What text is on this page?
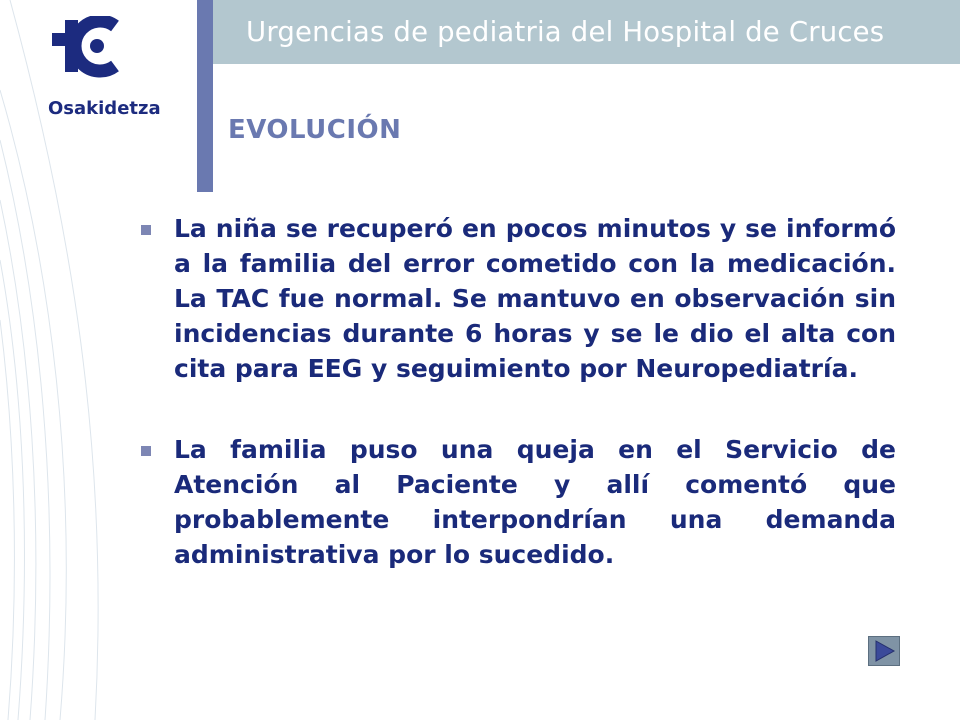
Urgencias de pediatria del Hospital de Cruces
Osakidetza
EVOLUCIÓN
La niña se recuperó en pocos minutos y se informó a la familia del error cometido con la medicación. La TAC fue normal. Se mantuvo en observación sin incidencias durante 6 horas y se le dio el alta con cita para EEG y seguimiento por Neuropediatría.
La familia puso una queja en el Servicio de Atención al Paciente y allí comentó que probablemente interpondrían una demanda administrativa por lo sucedido.
